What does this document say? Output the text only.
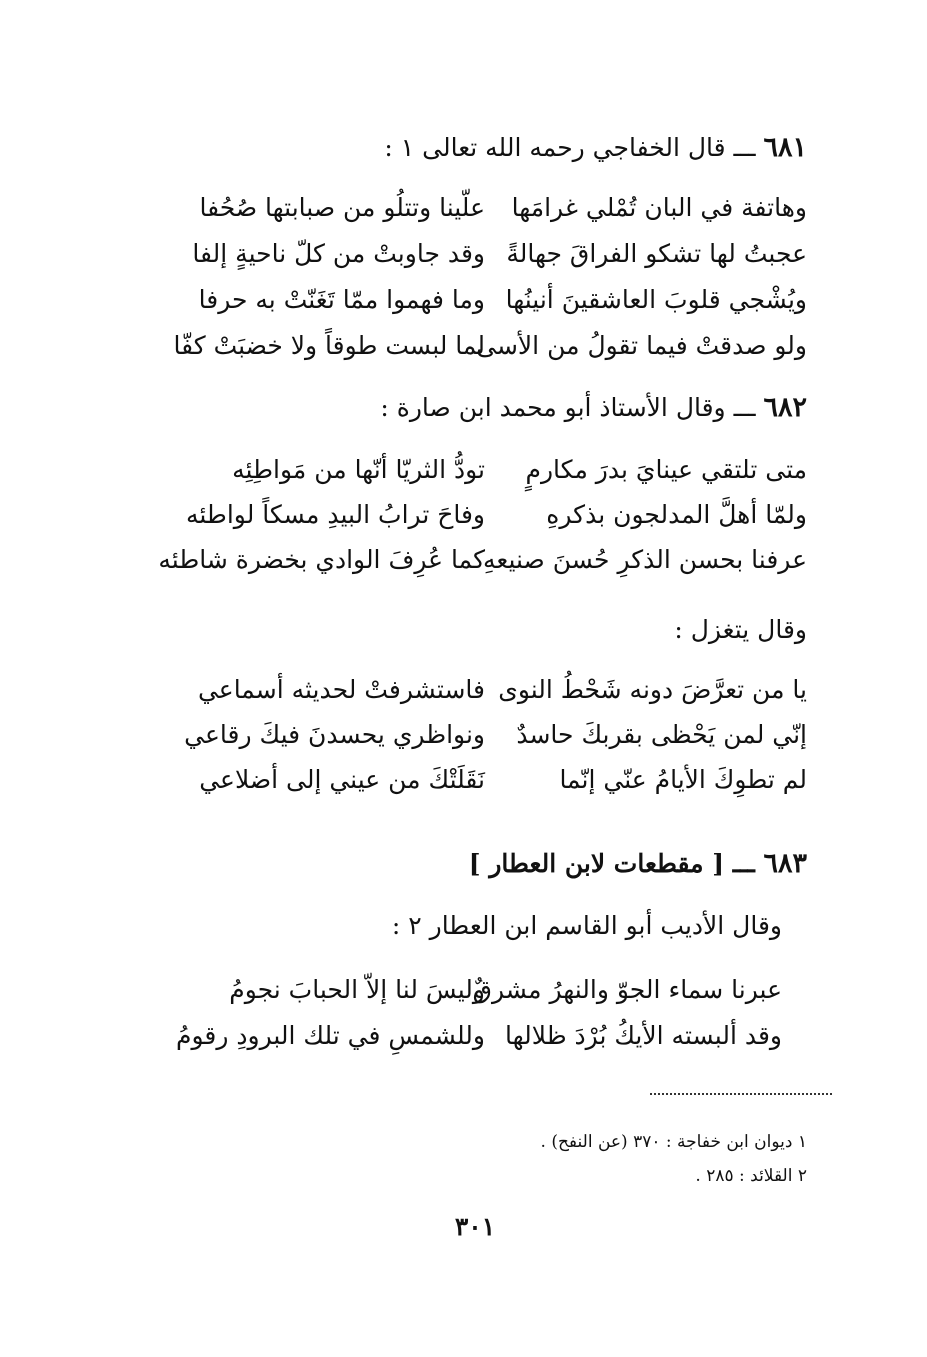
٦٨١ ـــ قال الخفاجي رحمه الله تعالى ١ :
وهاتفة في البان تُمْلي غرامَها
علّينا وتتلُو من صبابتها صُحُفا
عجبتُ لها تشكو الفراقَ جهالةً
وقد جاوبتْ من كلّ ناحيةٍ إلفا
ويُشْجي قلوبَ العاشقينَ أنينُها
وما فهموا ممّا تَغَنّتْ به حرفا
ولو صدقتْ فيما تقولُ من الأسى
لما لبست طوقاً ولا خضبَتْ كفّا
٦٨٢ ـــ وقال الأستاذ أبو محمد ابن صارة :
متى تلتقي عينايَ بدرَ مكارمٍ
تودُّ الثريّا أنّها من مَواطِئِه
ولمّا أهلَّ المدلجون بذكرهِ
وفاحَ ترابُ البيدِ مسكاً لواطئه
عرفنا بحسن الذكرِ حُسنَ صنيعهِ
كما عُرِفَ الوادي بخضرة شاطئه
وقال يتغزل :
يا من تعرَّضَ دونه شَحْطُ النوى
فاستشرفتْ لحديثه أسماعي
إنّي لمن يَحْظى بقربكَ حاسدٌ
ونواظري يحسدنَ فيكَ رقاعي
لم تطوِكَ الأيامُ عنّي إنّما
نَقَلَتْكَ من عيني إلى أضلاعي
٦٨٣ ـــ [ مقطعات لابن العطار ]
وقال الأديب أبو القاسم ابن العطار ٢ :
عبرنا سماء الجوّ والنهرُ مشرقٌ
وليسَ لنا إلاّ الحبابَ نجومُ
وقد ألبسته الأيكُ بُرْدَ ظلالها
وللشمسِ في تلك البرودِ رقومُ
١ ديوان ابن خفاجة : ٣٧٠ (عن النفح) .
٢ القلائد : ٢٨٥ .
٣٠١
